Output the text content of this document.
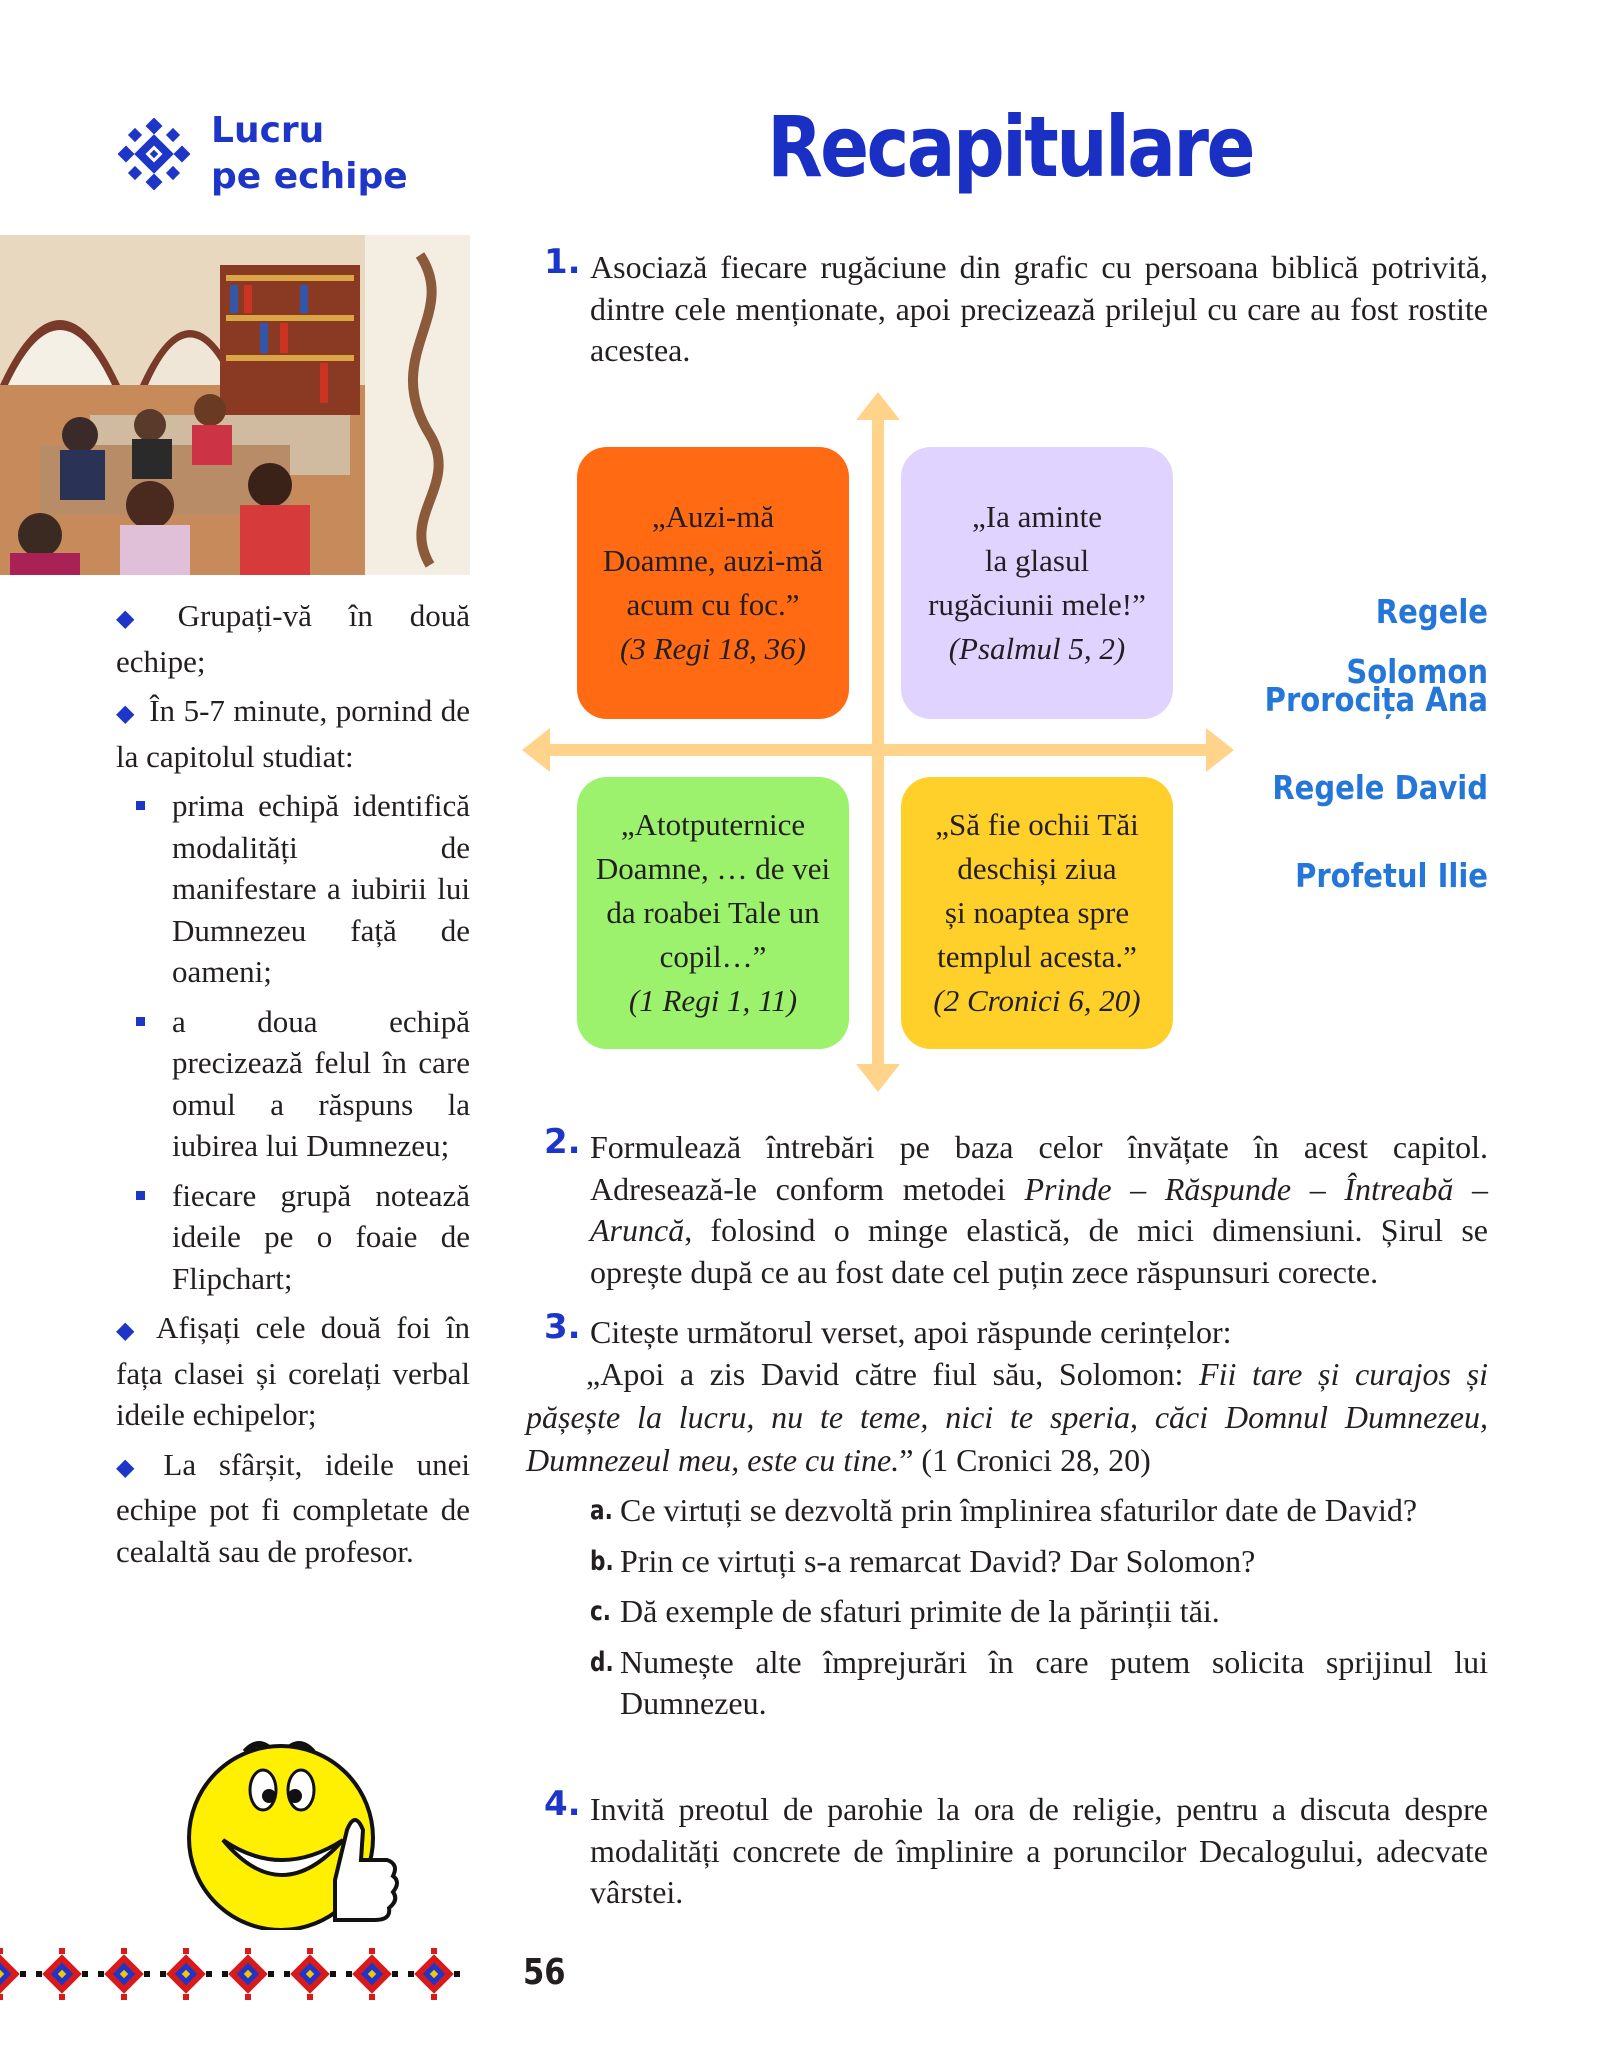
Lucru
pe echipe	Recapitulare
◆ Grupați-vă în două echipe;
◆ În 5-7 minute, pornind de la capitolul studiat:
prima echipă identifică modalități de manifestare a iubirii lui Dumnezeu față de oameni;
a doua echipă precizează felul în care omul a răspuns la iubirea lui Dumnezeu;
fiecare grupă notează ideile pe o foaie de Flipchart;
◆ Afișați cele două foi în fața clasei și corelați verbal ideile echipelor;
◆ La sfârșit, ideile unei echipe pot fi completate de cealaltă sau de profesor.
56
1. Asociază fiecare rugăciune din grafic cu persoana biblică potrivită, dintre cele menționate, apoi precizează prilejul cu care au fost rostite acestea.
„Auzi-mă
Doamne, auzi-mă
acum cu foc.”
(3 Regi 18, 36)
„Ia aminte
la glasul
rugăciunii mele!”
(Psalmul 5, 2)
„Atotputernice
Doamne, … de vei
da roabei Tale un
copil…”
(1 Regi 1, 11)
„Să fie ochii Tăi
deschiși ziua
și noaptea spre
templul acesta.”
(2 Cronici 6, 20)
Regele Solomon
Prorocița Ana
Regele David
Profetul Ilie
2. Formulează întrebări pe baza celor învățate în acest capitol. Adresează-le conform metodei Prinde – Răspunde – Întreabă – Aruncă, folosind o minge elastică, de mici dimensiuni. Șirul se oprește după ce au fost date cel puțin zece răspunsuri corecte.
3. Citește următorul verset, apoi răspunde cerințelor:
„Apoi a zis David către fiul său, Solomon: Fii tare și curajos și pășește la lucru, nu te teme, nici te speria, căci Domnul Dumnezeu, Dumnezeul meu, este cu tine.” (1 Cronici 28, 20)
a. Ce virtuți se dezvoltă prin împlinirea sfaturilor date de David?
b. Prin ce virtuți s-a remarcat David? Dar Solomon?
c. Dă exemple de sfaturi primite de la părinții tăi.
d. Numește alte împrejurări în care putem solicita sprijinul lui Dumnezeu.
4. Invită preotul de parohie la ora de religie, pentru a discuta despre modalități concrete de împlinire a poruncilor Decalogului, adecvate vârstei.
